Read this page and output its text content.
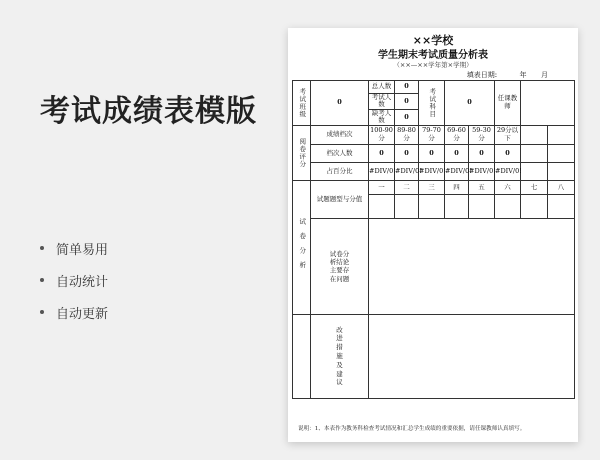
考试成绩表模版
简单易用
自动统计
自动更新
××学校
学生期末考试质量分析表
（××—××学年第×学期）
填表日期:	年 月
考试班级	0	总人数	0	考试科目	0		任课教师			
		考试人数	0							
		缺考人数	0							

阅卷评分	成绩档次	100-90分	89-80分	79-70分	69-60分	59-30分	29分以下			
	档次人数	0	0	0	0	0	0			
	占百分比	#DIV/0!	#DIV/0!	#DIV/0!	#DIV/0!	#DIV/0!	#DIV/0!			

试卷分析	试题题型与分值	一	二	三	四	五	六	七	八	

	试卷分析结论主要存在问题									

	改进措施及建议									

说明：1、本表作为教务科检查考试情况和汇总学生成绩的重要依据，请任课教师认真填写。
